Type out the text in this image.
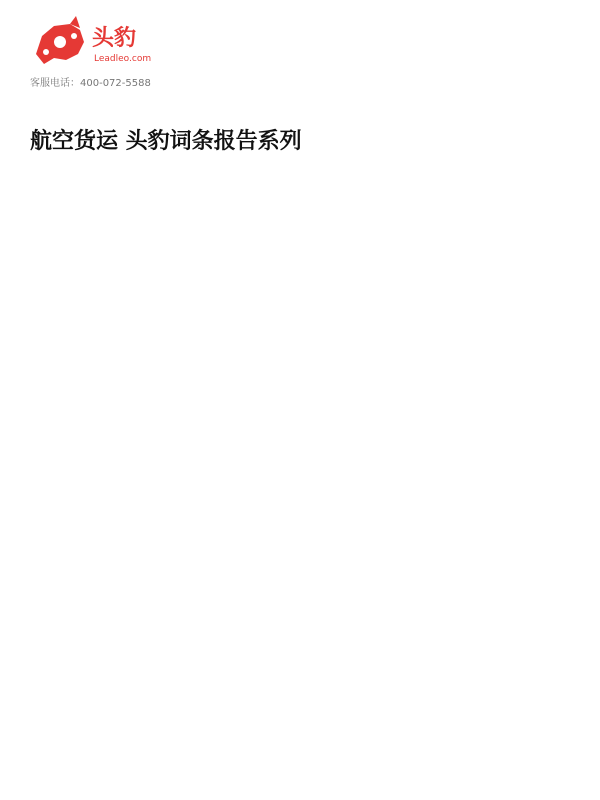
头豹
Leadleo.com
客服电话：400-072-5588
航空货运 头豹词条报告系列
